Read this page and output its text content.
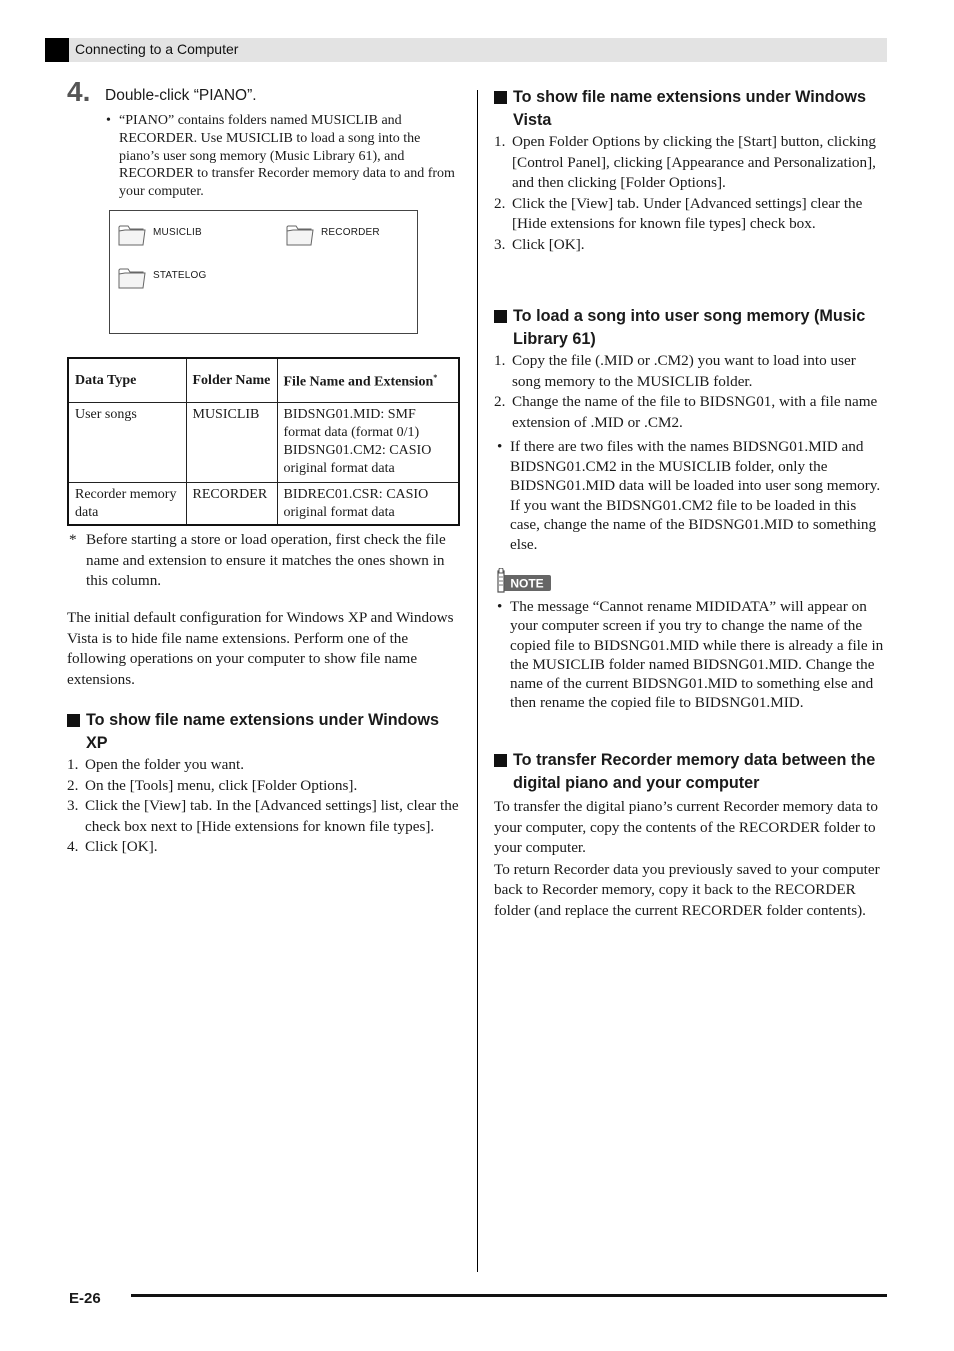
Connecting to a Computer
4. Double-click “PIANO”.
• “PIANO” contains folders named MUSICLIB and RECORDER. Use MUSICLIB to load a song into the piano’s user song memory (Music Library 61), and RECORDER to transfer Recorder memory data to and from your computer.
MUSICLIB	RECORDER
STATELOG
Data Type	Folder Name	File Name and Extension*
User songs	MUSICLIB	BIDSNG01.MID: SMF format data (format 0/1)
BIDSNG01.CM2: CASIO original format data

Recorder memory data	RECORDER	BIDREC01.CSR: CASIO original format data
* Before starting a store or load operation, first check the file name and extension to ensure it matches the ones shown in this column.

The initial default configuration for Windows XP and Windows Vista is to hide file name extensions. Perform one of the following operations on your computer to show file name extensions.

To show file name extensions under Windows XP
1. Open the folder you want.
2. On the [Tools] menu, click [Folder Options].
3. Click the [View] tab. In the [Advanced settings] list, clear the check box next to [Hide extensions for known file types].
4. Click [OK].
To show file name extensions under Windows Vista
1. Open Folder Options by clicking the [Start] button, clicking [Control Panel], clicking [Appearance and Personalization], and then clicking [Folder Options].
2. Click the [View] tab. Under [Advanced settings] clear the [Hide extensions for known file types] check box.
3. Click [OK].
To load a song into user song memory (Music Library 61)
1. Copy the file (.MID or .CM2) you want to load into user song memory to the MUSICLIB folder.
2. Change the name of the file to BIDSNG01, with a file name extension of .MID or .CM2.
• If there are two files with the names BIDSNG01.MID and BIDSNG01.CM2 in the MUSICLIB folder, only the BIDSNG01.MID data will be loaded into user song memory. If you want the BIDSNG01.CM2 file to be loaded in this case, change the name of the BIDSNG01.MID to something else.
NOTE
• The message “Cannot rename MIDIDATA” will appear on your computer screen if you try to change the name of the copied file to BIDSNG01.MID while there is already a file in the MUSICLIB folder named BIDSNG01.MID. Change the name of the current BIDSNG01.MID to something else and then rename the copied file to BIDSNG01.MID.
To transfer Recorder memory data between the digital piano and your computer

To transfer the digital piano’s current Recorder memory data to your computer, copy the contents of the RECORDER folder to your computer.

To return Recorder data you previously saved to your computer back to Recorder memory, copy it back to the RECORDER folder (and replace the current RECORDER folder contents).

E-26
